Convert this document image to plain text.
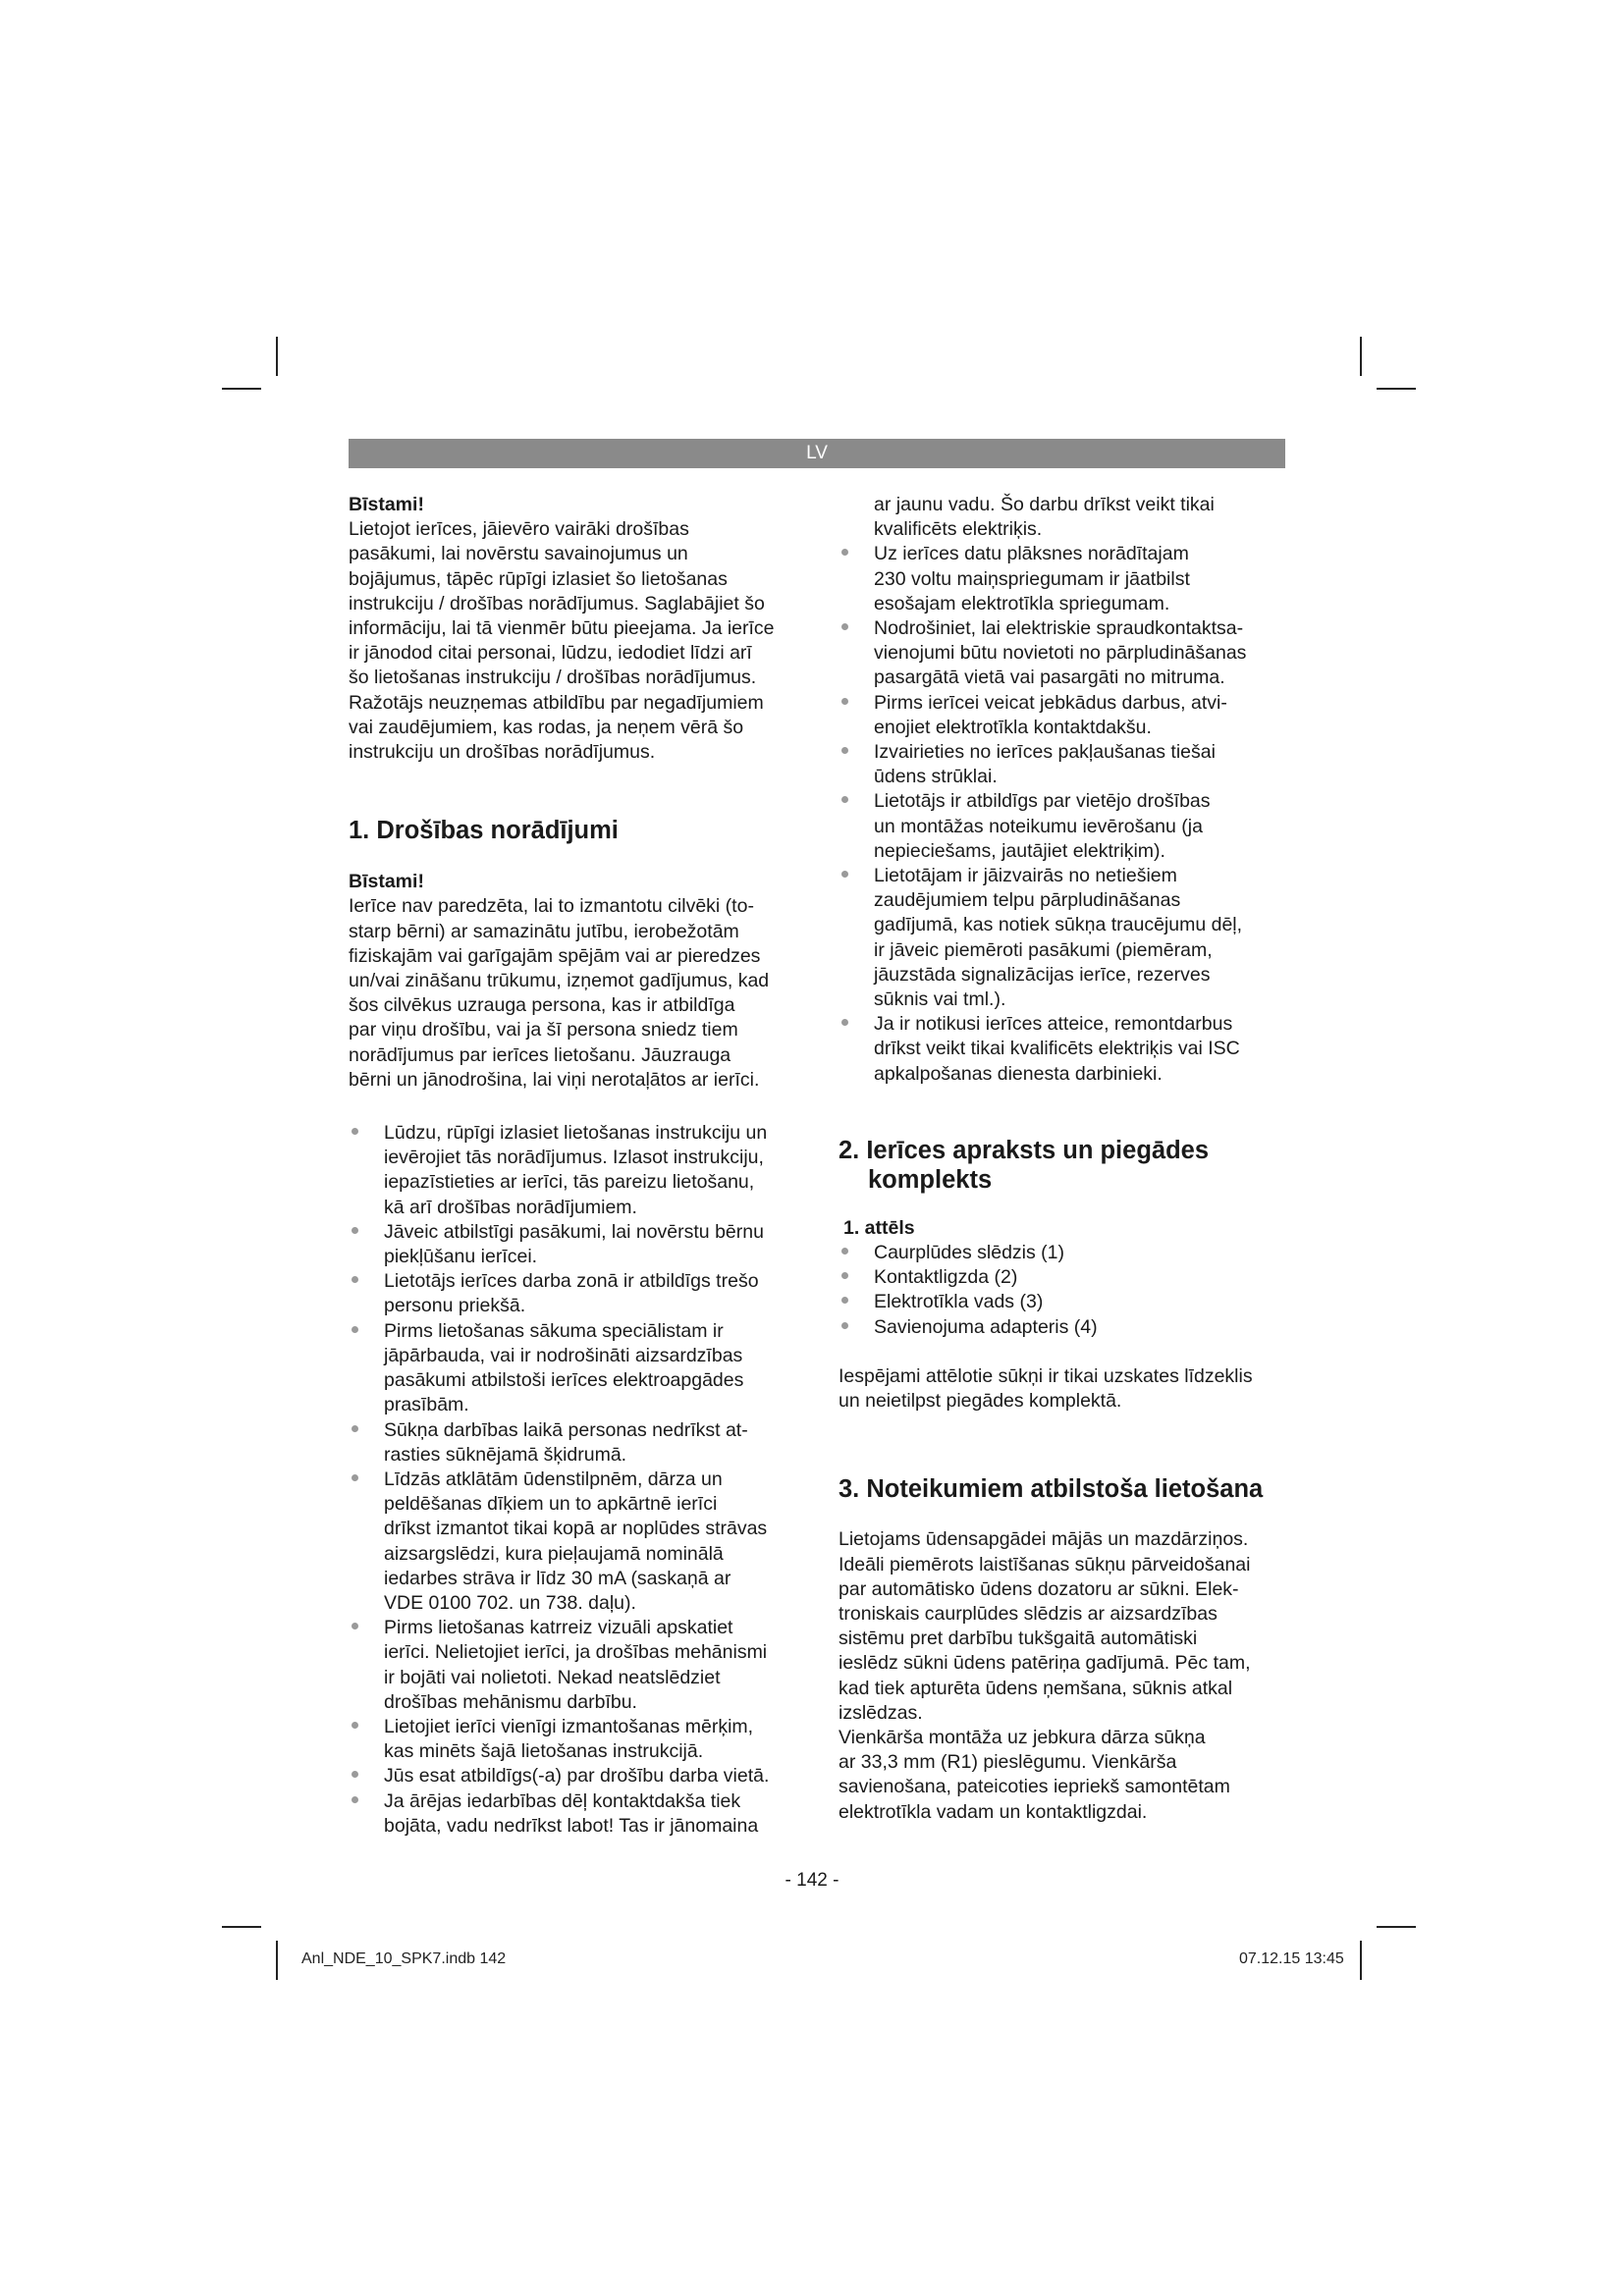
LV

Bīstami!

Lietojot ierīces, jāievēro vairāki drošības

pasākumi, lai novērstu savainojumus un

bojājumus, tāpēc rūpīgi izlasiet šo lietošanas

instrukciju / drošības norādījumus. Saglabājiet šo

informāciju, lai tā vienmēr būtu pieejama. Ja ierīce

ir jānodod citai personai, lūdzu, iedodiet līdzi arī

šo lietošanas instrukciju / drošības norādījumus.

Ražotājs neuzņemas atbildību par negadījumiem

vai zaudējumiem, kas rodas, ja neņem vērā šo

instrukciju un drošības norādījumus.

1. Drošības norādījumi

Bīstami!

Ierīce nav paredzēta, lai to izmantotu cilvēki (to-

starp bērni) ar samazinātu jutību, ierobežotām

fiziskajām vai garīgajām spējām vai ar pieredzes

un/vai zināšanu trūkumu, izņemot gadījumus, kad

šos cilvēkus uzrauga persona, kas ir atbildīga

par viņu drošību, vai ja šī persona sniedz tiem

norādījumus par ierīces lietošanu. Jāuzrauga

bērni un jānodrošina, lai viņi nerotaļātos ar ierīci.

Lūdzu, rūpīgi izlasiet lietošanas instrukciju un

ievērojiet tās norādījumus. Izlasot instrukciju,

iepazīstieties ar ierīci, tās pareizu lietošanu,

kā arī drošības norādījumiem.

Jāveic atbilstīgi pasākumi, lai novērstu bērnu

piekļūšanu ierīcei.

Lietotājs ierīces darba zonā ir atbildīgs trešo

personu priekšā.

Pirms lietošanas sākuma speciālistam ir

jāpārbauda, vai ir nodrošināti aizsardzības

pasākumi atbilstoši ierīces elektroapgādes

prasībām.

Sūkņa darbības laikā personas nedrīkst at-

rasties sūknējamā šķidrumā.

Līdzās atklātām ūdenstilpnēm, dārza un

peldēšanas dīķiem un to apkārtnē ierīci

drīkst izmantot tikai kopā ar noplūdes strāvas

aizsargslēdzi, kura pieļaujamā nominālā

iedarbes strāva ir līdz 30 mA (saskaņā ar

VDE 0100 702. un 738. daļu).

Pirms lietošanas katrreiz vizuāli apskatiet

ierīci. Nelietojiet ierīci, ja drošības mehānismi

ir bojāti vai nolietoti. Nekad neatslēdziet

drošības mehānismu darbību.

Lietojiet ierīci vienīgi izmantošanas mērķim,

kas minēts šajā lietošanas instrukcijā.

Jūs esat atbildīgs(-a) par drošību darba vietā.

Ja ārējas iedarbības dēļ kontaktdakša tiek

bojāta, vadu nedrīkst labot! Tas ir jānomaina

ar jaunu vadu. Šo darbu drīkst veikt tikai

kvalificēts elektriķis.

Uz ierīces datu plāksnes norādītajam

230 voltu maiņspriegumam ir jāatbilst

esošajam elektrotīkla spriegumam.

Nodrošiniet, lai elektriskie spraudkontaktsa-

vienojumi būtu novietoti no pārpludināšanas

pasargātā vietā vai pasargāti no mitruma.

Pirms ierīcei veicat jebkādus darbus, atvi-

enojiet elektrotīkla kontaktdakšu.

Izvairieties no ierīces pakļaušanas tiešai

ūdens strūklai.

Lietotājs ir atbildīgs par vietējo drošības

un montāžas noteikumu ievērošanu (ja

nepieciešams, jautājiet elektriķim).

Lietotājam ir jāizvairās no netiešiem

zaudējumiem telpu pārpludināšanas

gadījumā, kas notiek sūkņa traucējumu dēļ,

ir jāveic piemēroti pasākumi (piemēram,

jāuzstāda signalizācijas ierīce, rezerves

sūknis vai tml.).

Ja ir notikusi ierīces atteice, remontdarbus

drīkst veikt tikai kvalificēts elektriķis vai ISC

apkalpošanas dienesta darbinieki.

2. Ierīces apraksts un piegādes

komplekts

1. attēls

Caurplūdes slēdzis (1)

Kontaktligzda (2)

Elektrotīkla vads (3)

Savienojuma adapteris (4)

Iespējami attēlotie sūkņi ir tikai uzskates līdzeklis

un neietilpst piegādes komplektā.

3. Noteikumiem atbilstoša lietošana

Lietojams ūdensapgādei mājās un mazdārziņos.

Ideāli piemērots laistīšanas sūkņu pārveidošanai

par automātisko ūdens dozatoru ar sūkni. Elek-

troniskais caurplūdes slēdzis ar aizsardzības

sistēmu pret darbību tukšgaitā automātiski

ieslēdz sūkni ūdens patēriņa gadījumā. Pēc tam,

kad tiek apturēta ūdens ņemšana, sūknis atkal

izslēdzas.

Vienkārša montāža uz jebkura dārza sūkņa

ar 33,3 mm (R1) pieslēgumu. Vienkārša

savienošana, pateicoties iepriekš samontētam

elektrotīkla vadam un kontaktligzdai.

- 142 -
Anl_NDE_10_SPK7.indb 142	07.12.15 13:45
